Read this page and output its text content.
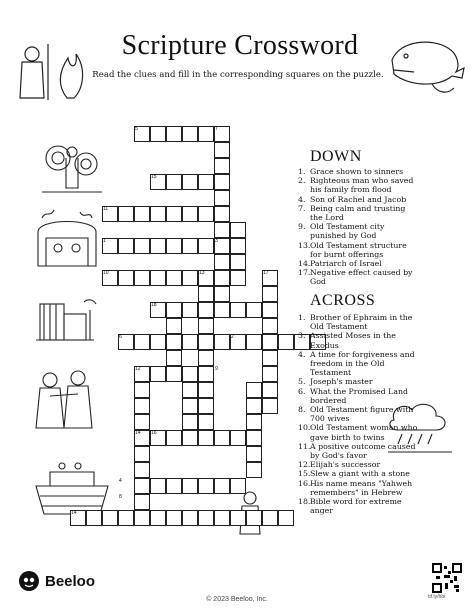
Scripture Crossword
Read the clues and fill in the corresponding squares on the puzzle.
5	7
15
11
1	3
10	13	17
18
6	2
12	9
16
14
4
8
14
DOWN
1. Grace shown to sinners
2. Righteous man who saved his family from flood
4. Son of Rachel and Jacob
7. Being calm and trusting the Lord
9. Old Testament city punished by God
13. Old Testament structure for burnt offerings
14. Patriarch of Israel
17. Negative effect caused by God
ACROSS
1. Brother of Ephraim in the Old Testament
3. Assisted Moses in the Exodus
4. A time for forgiveness and freedom in the Old Testament
5. Joseph's master
6. What the Promised Land bordered
8. Old Testament figure with 700 wives
10. Old Testament woman who gave birth to twins
11. A positive outcome caused by God's favor
12. Elijah's successor
15. Slew a giant with a stone
16. His name means "Yahweh remembers" in Hebrew
18. Bible word for extreme anger
Beeloo
© 2023 Beeloo, Inc.	bf.ly/bbi
